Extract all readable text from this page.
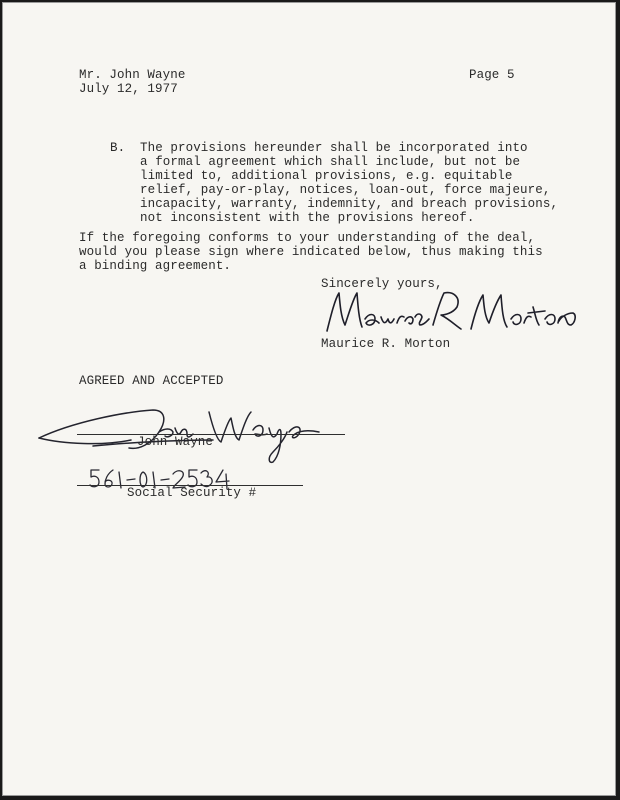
Mr. John Wayne

July 12, 1977

Page 5

B. The provisions hereunder shall be incorporated into

a formal agreement which shall include, but not be

limited to, additional provisions, e.g. equitable

relief, pay-or-play, notices, loan-out, force majeure,

incapacity, warranty, indemnity, and breach provisions,

not inconsistent with the provisions hereof.

If the foregoing conforms to your understanding of the deal,

would you please sign where indicated below, thus making this

a binding agreement.

Sincerely yours,

Maurice R. Morton

AGREED AND ACCEPTED

John Wayne

Social Security #
